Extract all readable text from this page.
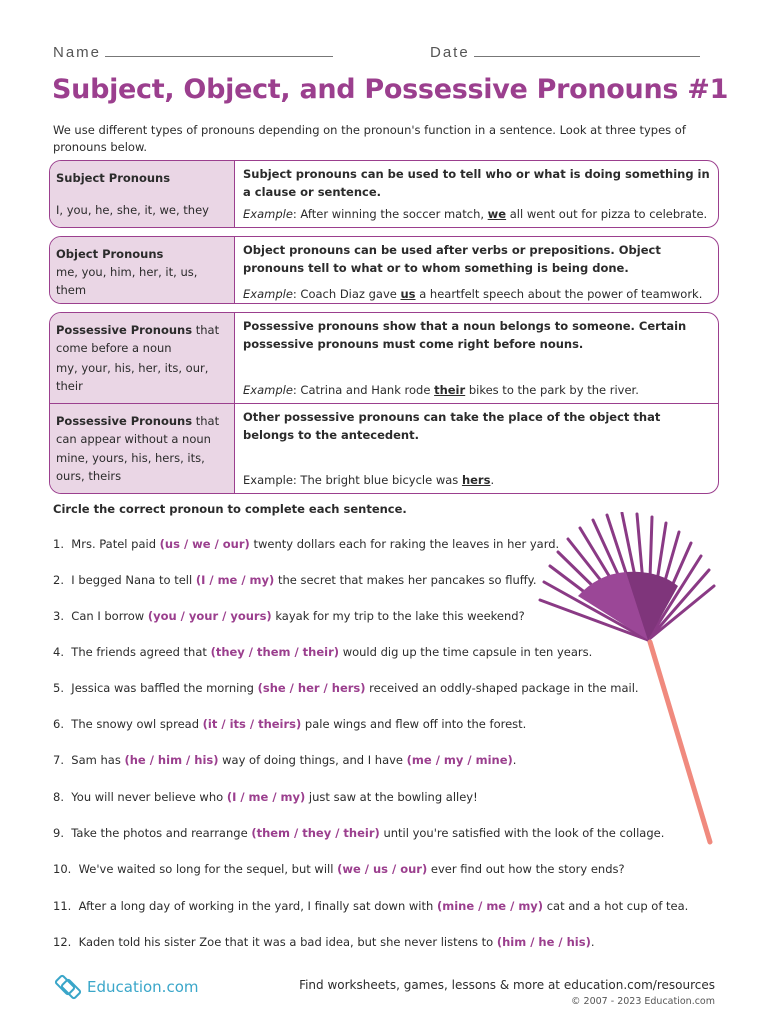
Name	Date
Subject, Object, and Possessive Pronouns #1

We use different types of pronouns depending on the pronoun's function in a sentence. Look at three types of pronouns below.

Subject Pronouns
I, you, he, she, it, we, they
Subject pronouns can be used to tell who or what is doing something in a clause or sentence.
Example: After winning the soccer match, we all went out for pizza to celebrate.
Object Pronouns
me, you, him, her, it, us, them
Object pronouns can be used after verbs or prepositions. Object pronouns tell to what or to whom something is being done.
Example: Coach Diaz gave us a heartfelt speech about the power of teamwork.
Possessive Pronouns that come before a noun
my, your, his, her, its, our, their
Possessive pronouns show that a noun belongs to someone. Certain possessive pronouns must come right before nouns.
Example: Catrina and Hank rode their bikes to the park by the river.
Possessive Pronouns that can appear without a noun
mine, yours, his, hers, its, ours, theirs
Other possessive pronouns can take the place of the object that belongs to the antecedent.
Example: The bright blue bicycle was hers.

Circle the correct pronoun to complete each sentence.

1. Mrs. Patel paid (us / we / our) twenty dollars each for raking the leaves in her yard.
2. I begged Nana to tell (I / me / my) the secret that makes her pancakes so fluffy.
3. Can I borrow (you / your / yours) kayak for my trip to the lake this weekend?
4. The friends agreed that (they / them / their) would dig up the time capsule in ten years.
5. Jessica was baffled the morning (she / her / hers) received an oddly-shaped package in the mail.
6. The snowy owl spread (it / its / theirs) pale wings and flew off into the forest.
7. Sam has (he / him / his) way of doing things, and I have (me / my / mine).
8. You will never believe who (I / me / my) just saw at the bowling alley!
9. Take the photos and rearrange (them / they / their) until you're satisfied with the look of the collage.
10. We've waited so long for the sequel, but will (we / us / our) ever find out how the story ends?
11. After a long day of working in the yard, I finally sat down with (mine / me / my) cat and a hot cup of tea.
12. Kaden told his sister Zoe that it was a bad idea, but she never listens to (him / he / his).
Education.com	Find worksheets, games, lessons & more at education.com/resources
© 2007 - 2023 Education.com
